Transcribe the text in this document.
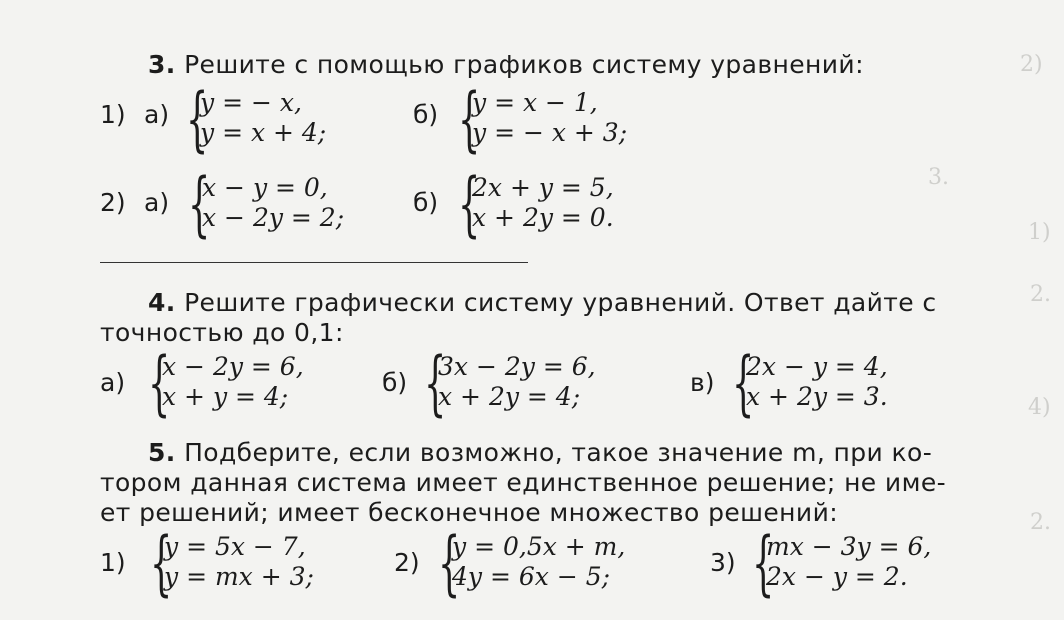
2)
3.
1)
2.
4)
2.
3. Решите с помощью графиков систему уравнений:
1) а) {
y = − x,
y = x + 4;
б) {
y = x − 1,
y = − x + 3;
2) а) {
x − y = 0,
x − 2y = 2;
б) {
2x + y = 5,
x + 2y = 0.
4. Решите графически систему уравнений. Ответ дайте с
точностью до 0,1:
а) {
x − 2y = 6,
x + y = 4;	б) {
3x − 2y = 6,
x + 2y = 4;	в) {
2x − y = 4,
x + 2y = 3.
5. Подберите, если возможно, такое значение m, при ко-
тором данная система имеет единственное решение; не име-
ет решений; имеет бесконечное множество решений:
1) {
y = 5x − 7,
y = mx + 3;	2) {
y = 0,5x + m,
4y = 6x − 5;	3) {
mx − 3y = 6,
2x − y = 2.
